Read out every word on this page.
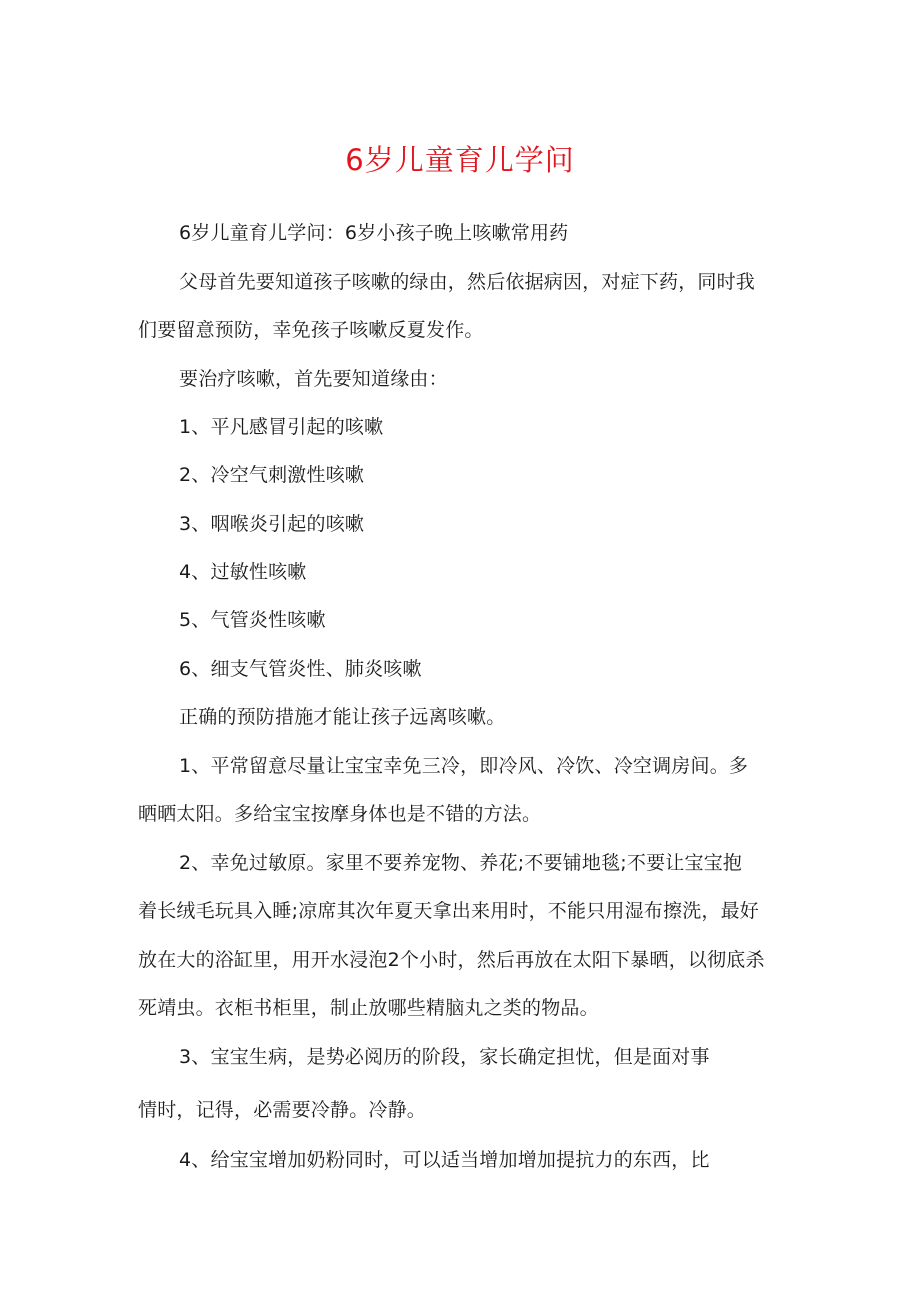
6岁儿童育儿学问
6岁儿童育儿学问：6岁小孩子晚上咳嗽常用药
父母首先要知道孩子咳嗽的绿由，然后依据病因，对症下药，同时我
们要留意预防，幸免孩子咳嗽反夏发作。
要治疗咳嗽，首先要知道缘由：
1、平凡感冒引起的咳嗽
2、冷空气刺激性咳嗽
3、咽喉炎引起的咳嗽
4、过敏性咳嗽
5、气管炎性咳嗽
6、细支气管炎性、肺炎咳嗽
正确的预防措施才能让孩子远离咳嗽。
1、平常留意尽量让宝宝幸免三冷，即冷风、冷饮、冷空调房间。多
晒晒太阳。多给宝宝按摩身体也是不错的方法。
2、幸免过敏原。家里不要养宠物、养花;不要铺地毯;不要让宝宝抱
着长绒毛玩具入睡;凉席其次年夏天拿出来用时，不能只用湿布擦洗，最好
放在大的浴缸里，用开水浸泡2个小时，然后再放在太阳下暴晒，以彻底杀
死靖虫。衣柜书柜里，制止放哪些精脑丸之类的物品。
3、宝宝生病，是势必阅历的阶段，家长确定担忧，但是面对事
情时，记得，必需要冷静。冷静。
4、给宝宝增加奶粉同时，可以适当增加增加提抗力的东西，比
